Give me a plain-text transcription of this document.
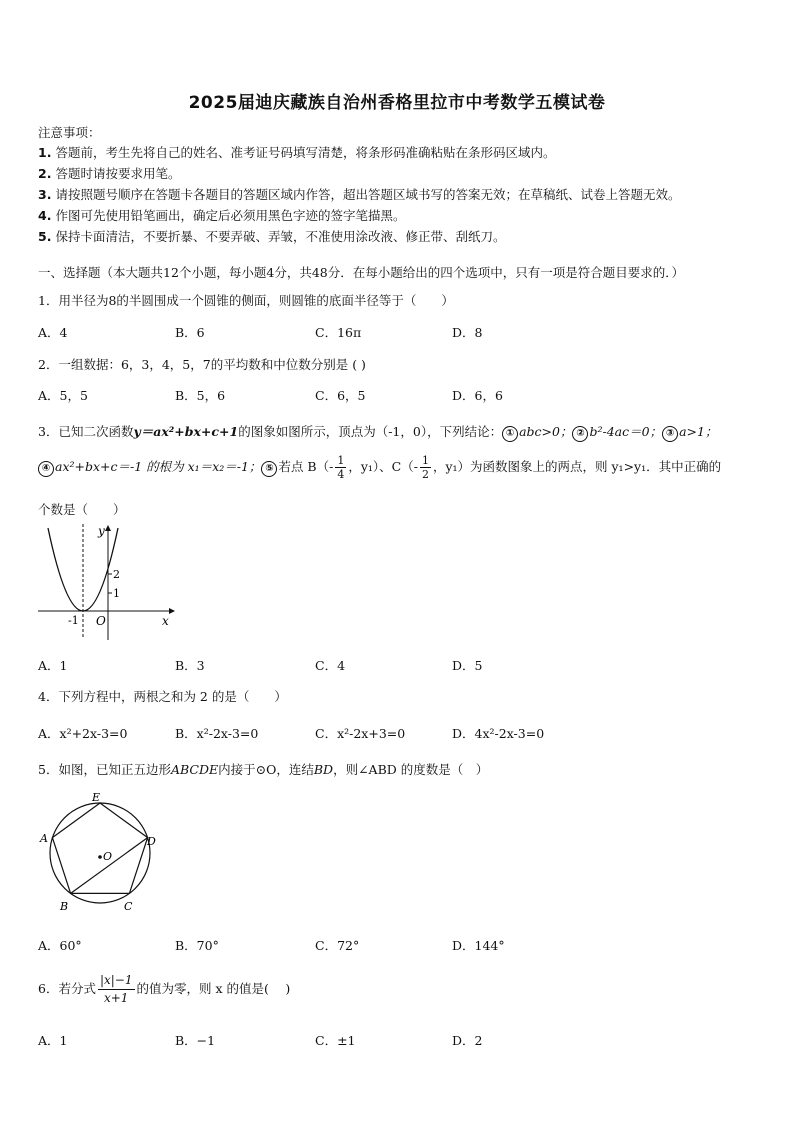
2025届迪庆藏族自治州香格里拉市中考数学五模试卷
注意事项：
1. 答题前，考生先将自己的姓名、准考证号码填写清楚，将条形码准确粘贴在条形码区域内。
2. 答题时请按要求用笔。
3. 请按照题号顺序在答题卡各题目的答题区域内作答，超出答题区域书写的答案无效；在草稿纸、试卷上答题无效。
4. 作图可先使用铅笔画出，确定后必须用黑色字迹的签字笔描黑。
5. 保持卡面清洁，不要折暴、不要弄破、弄皱，不准使用涂改液、修正带、刮纸刀。
一、选择题（本大题共12个小题，每小题4分，共48分．在每小题给出的四个选项中，只有一项是符合题目要求的．）
1．用半径为8的半圆围成一个圆锥的侧面，则圆锥的底面半径等于（　　）
A．4	B．6	C．16π	D．8
2．一组数据：6，3，4，5，7的平均数和中位数分别是 ( )
A．5，5	B．5，6	C．6，5	D．6，6
3．已知二次函数y＝ax²+bx+c+1的图象如图所示，顶点为（-1，0），下列结论： ① abc>0； ② b²-4ac＝0； ③ a>1；
④ ax²+bx+c＝-1 的根为 x₁＝x₂＝-1； ⑤ 若点 $B(- \frac{1}{4}$ ，y₁）、$C(- \frac{1}{2}$ ，y₁）为函数图象上的两点，则 y₁>y₁．其中正确的
个数是（　　）
y
x
O
-1
2
1
A．1	B．3	C．4	D．5
4．下列方程中，两根之和为 2 的是（　　）
A．x²+2x-3=0	B．x²-2x-3=0	C．x²-2x+3=0	D．4x²-2x-3=0
5．如图，已知正五边形ABCDE内接于⊙O，连结BD，则∠ABD 的度数是（　）
E
A	D
B	C
O
A．60°	B．70°	C．72°	D．144°
6．若分式 $\frac{|x|-1}{x+1}$ 的值为零，则 x 的值是(　 )
A．1	B．−1	C．±1	D．2
